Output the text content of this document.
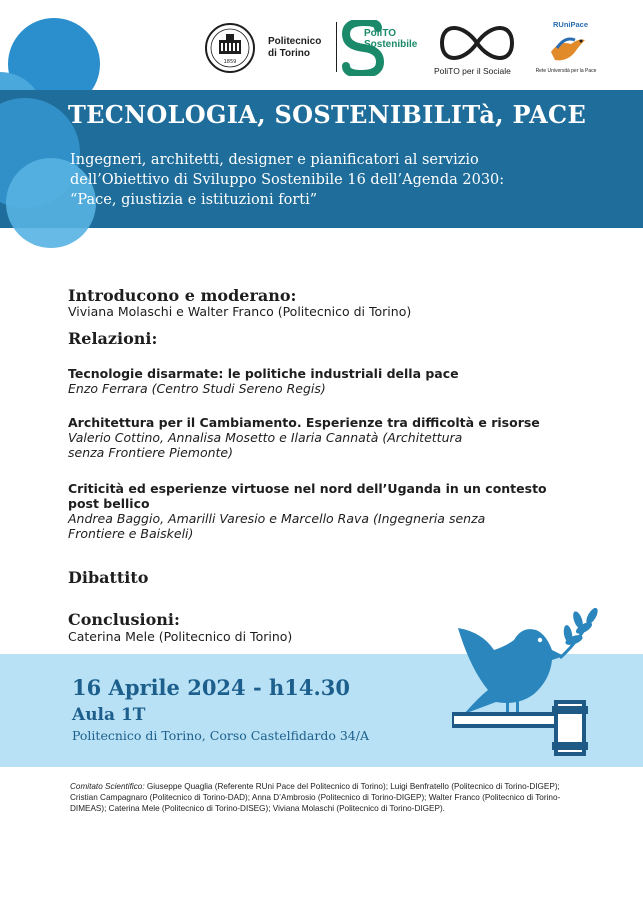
1859
Politecnico
di Torino
PoliTO
Sostenibile
PoliTO per il Sociale
RUniPace
Rete Università per la Pace
TECNOLOGIA, SOSTENIBILITà, PACE
Ingegneri, architetti, designer e pianificatori al servizio
dell’Obiettivo di Sviluppo Sostenibile 16 dell’Agenda 2030:
“Pace, giustizia e istituzioni forti”
Introducono e moderano:
Viviana Molaschi e Walter Franco (Politecnico di Torino)
Relazioni:
Tecnologie disarmate: le politiche industriali della pace
Enzo Ferrara (Centro Studi Sereno Regis)
Architettura per il Cambiamento. Esperienze tra difficoltà e risorse
Valerio Cottino, Annalisa Mosetto e Ilaria Cannatà (Architettura
senza Frontiere Piemonte)
Criticità ed esperienze virtuose nel nord dell’Uganda in un contesto
post bellico
Andrea Baggio, Amarilli Varesio e Marcello Rava (Ingegneria senza
Frontiere e Baiskeli)
Dibattito
Conclusioni:
Caterina Mele (Politecnico di Torino)
16 Aprile 2024 - h14.30
Aula 1T
Politecnico di Torino, Corso Castelfidardo 34/A
Comitato Scientifico: Giuseppe Quaglia (Referente RUni Pace del Politecnico di Torino); Luigi Benfratello (Politecnico di Torino-DIGEP); Cristian Campagnaro (Politecnico di Torino-DAD); Anna D’Ambrosio (Politecnico di Torino-DIGEP); Walter Franco (Politecnico di Torino-DIMEAS); Caterina Mele (Politecnico di Torino-DISEG); Viviana Molaschi (Politecnico di Torino-DIGEP).
